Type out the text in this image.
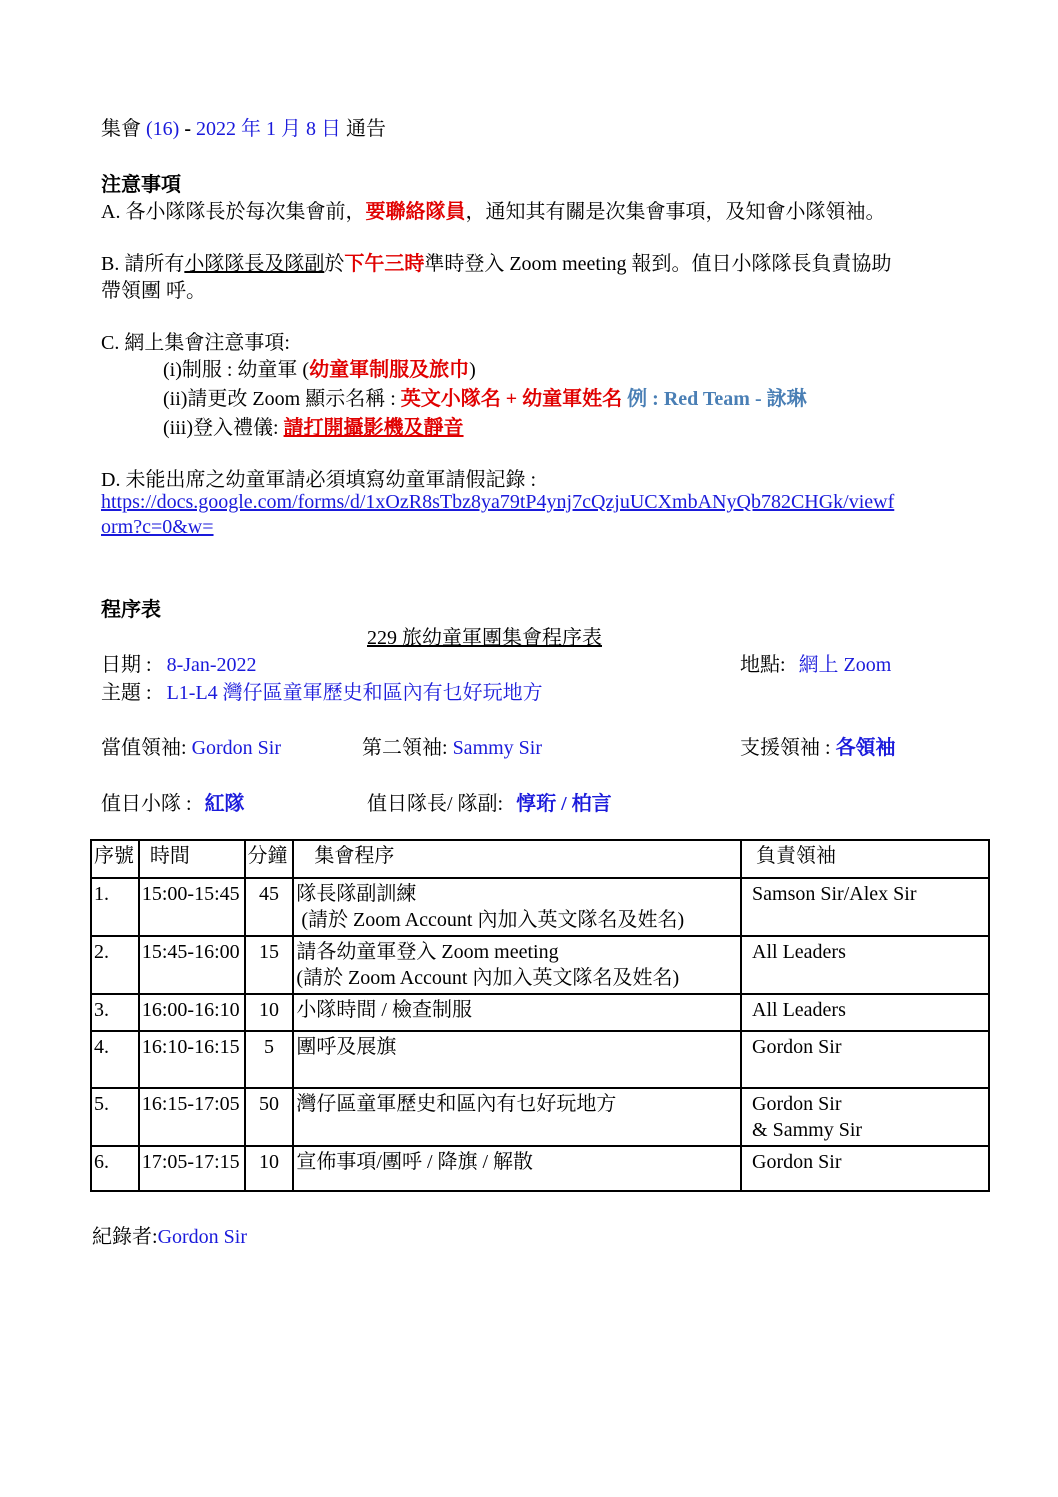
集會 (16) - 2022 年 1 月 8 日 通告
注意事項
A. 各小隊隊長於每次集會前，要聯絡隊員，通知其有關是次集會事項，及知會小隊領袖。
B. 請所有小隊隊長及隊副於下午三時準時登入 Zoom meeting 報到。值日小隊隊長負責協助
帶領團 呼。
C. 網上集會注意事項:
(i)制服 : 幼童軍 (幼童軍制服及旅巾)
(ii)請更改 Zoom 顯示名稱 : 英文小隊名 + 幼童軍姓名 例 : Red Team - 詠琳
(iii)登入禮儀: 請打開攝影機及靜音
D. 未能出席之幼童軍請必須填寫幼童軍請假記錄 :
https://docs.google.com/forms/d/1xOzR8sTbz8ya79tP4ynj7cQzjuUCXmbANyQb782CHGk/viewf
orm?c=0&w=
程序表
229 旅幼童軍團集會程序表
日期 : 8-Jan-2022	地點: 網上 Zoom
主題 : L1-L4 灣仔區童軍歷史和區內有乜好玩地方
當值領袖: Gordon Sir	第二領袖: Sammy Sir	支援領袖 : 各領袖
值日小隊 : 紅隊	值日隊長/ 隊副: 惇珩 / 柏言
序號	時間	分鐘	集會程序	負責領袖
1.	15:00-15:45	45	隊長隊副訓練
(請於 Zoom Account 內加入英文隊名及姓名)	Samson Sir/Alex Sir
2.	15:45-16:00	15	請各幼童軍登入 Zoom meeting
(請於 Zoom Account 內加入英文隊名及姓名)	All Leaders
3.	16:00-16:10	10	小隊時間 / 檢查制服	All Leaders
4.	16:10-16:15	5	團呼及展旗	Gordon Sir
5.	16:15-17:05	50	灣仔區童軍歷史和區內有乜好玩地方	Gordon Sir
& Sammy Sir

6.	17:05-17:15	10	宣佈事項/團呼 / 降旗 / 解散	Gordon Sir
紀錄者:Gordon Sir
